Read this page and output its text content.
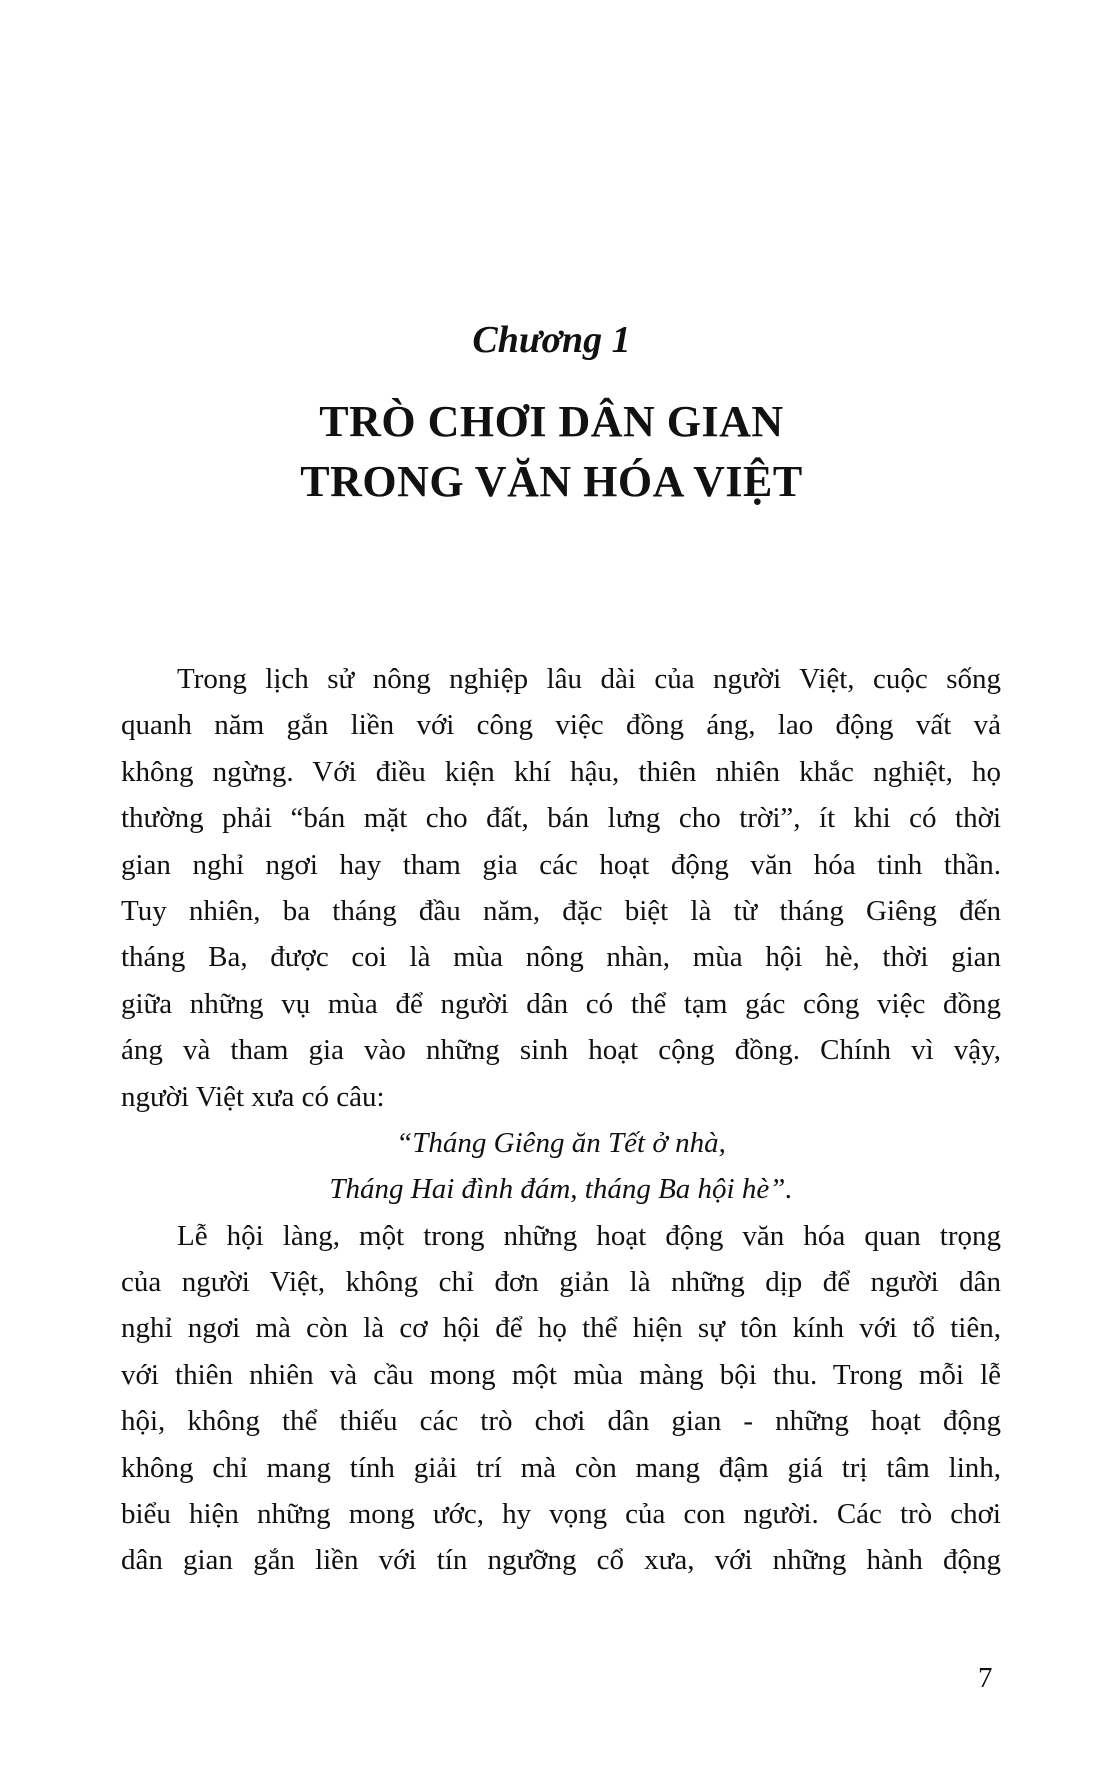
Chương 1
TRÒ CHƠI DÂN GIAN
TRONG VĂN HÓA VIỆT
Trong lịch sử nông nghiệp lâu dài của người Việt, cuộc sống
quanh năm gắn liền với công việc đồng áng, lao động vất vả
không ngừng. Với điều kiện khí hậu, thiên nhiên khắc nghiệt, họ
thường phải “bán mặt cho đất, bán lưng cho trời”, ít khi có thời
gian nghỉ ngơi hay tham gia các hoạt động văn hóa tinh thần.
Tuy nhiên, ba tháng đầu năm, đặc biệt là từ tháng Giêng đến
tháng Ba, được coi là mùa nông nhàn, mùa hội hè, thời gian
giữa những vụ mùa để người dân có thể tạm gác công việc đồng
áng và tham gia vào những sinh hoạt cộng đồng. Chính vì vậy,
người Việt xưa có câu:
“Tháng Giêng ăn Tết ở nhà,
Tháng Hai đình đám, tháng Ba hội hè”.
Lễ hội làng, một trong những hoạt động văn hóa quan trọng
của người Việt, không chỉ đơn giản là những dịp để người dân
nghỉ ngơi mà còn là cơ hội để họ thể hiện sự tôn kính với tổ tiên,
với thiên nhiên và cầu mong một mùa màng bội thu. Trong mỗi lễ
hội, không thể thiếu các trò chơi dân gian - những hoạt động
không chỉ mang tính giải trí mà còn mang đậm giá trị tâm linh,
biểu hiện những mong ước, hy vọng của con người. Các trò chơi
dân gian gắn liền với tín ngưỡng cổ xưa, với những hành động
7
